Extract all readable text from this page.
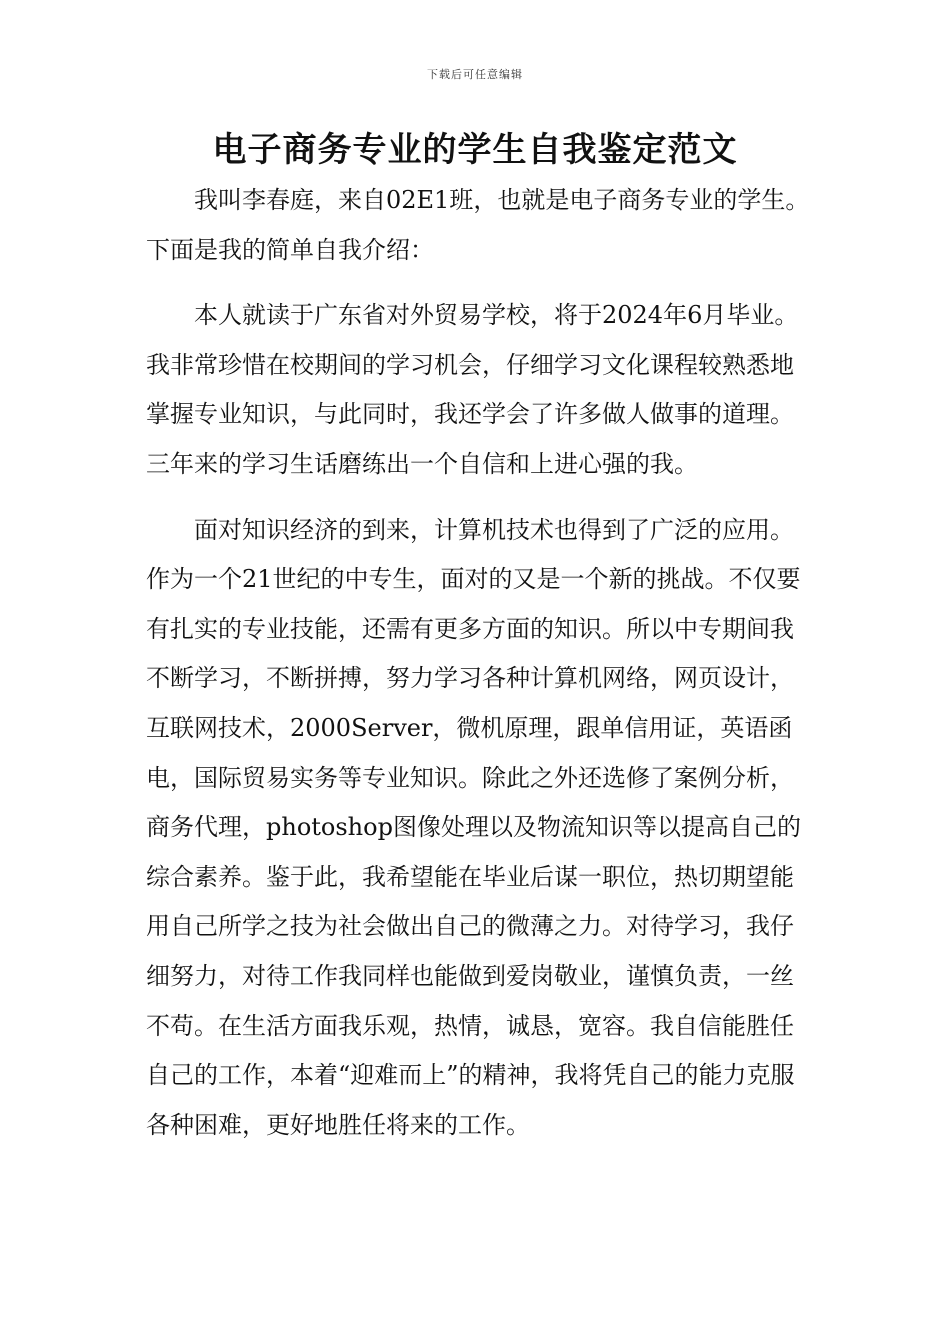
下载后可任意编辑
电子商务专业的学生自我鉴定范文

我叫李春庭，来自02E1班，也就是电子商务专业的学生。下面是我的简单自我介绍：

本人就读于广东省对外贸易学校，将于2024年6月毕业。我非常珍惜在校期间的学习机会，仔细学习文化课程较熟悉地掌握专业知识，与此同时，我还学会了许多做人做事的道理。三年来的学习生话磨练出一个自信和上进心强的我。

面对知识经济的到来，计算机技术也得到了广泛的应用。作为一个21世纪的中专生，面对的又是一个新的挑战。不仅要有扎实的专业技能，还需有更多方面的知识。所以中专期间我不断学习，不断拼搏，努力学习各种计算机网络，网页设计，互联网技术，2000Server，微机原理，跟单信用证，英语函电，国际贸易实务等专业知识。除此之外还选修了案例分析，商务代理，photoshop图像处理以及物流知识等以提高自己的综合素养。鉴于此，我希望能在毕业后谋一职位，热切期望能用自己所学之技为社会做出自己的微薄之力。对待学习，我仔细努力，对待工作我同样也能做到爱岗敬业，谨慎负责，一丝不苟。在生活方面我乐观，热情，诚恳，宽容。我自信能胜任自己的工作，本着“迎难而上”的精神，我将凭自己的能力克服各种困难，更好地胜任将来的工作。
